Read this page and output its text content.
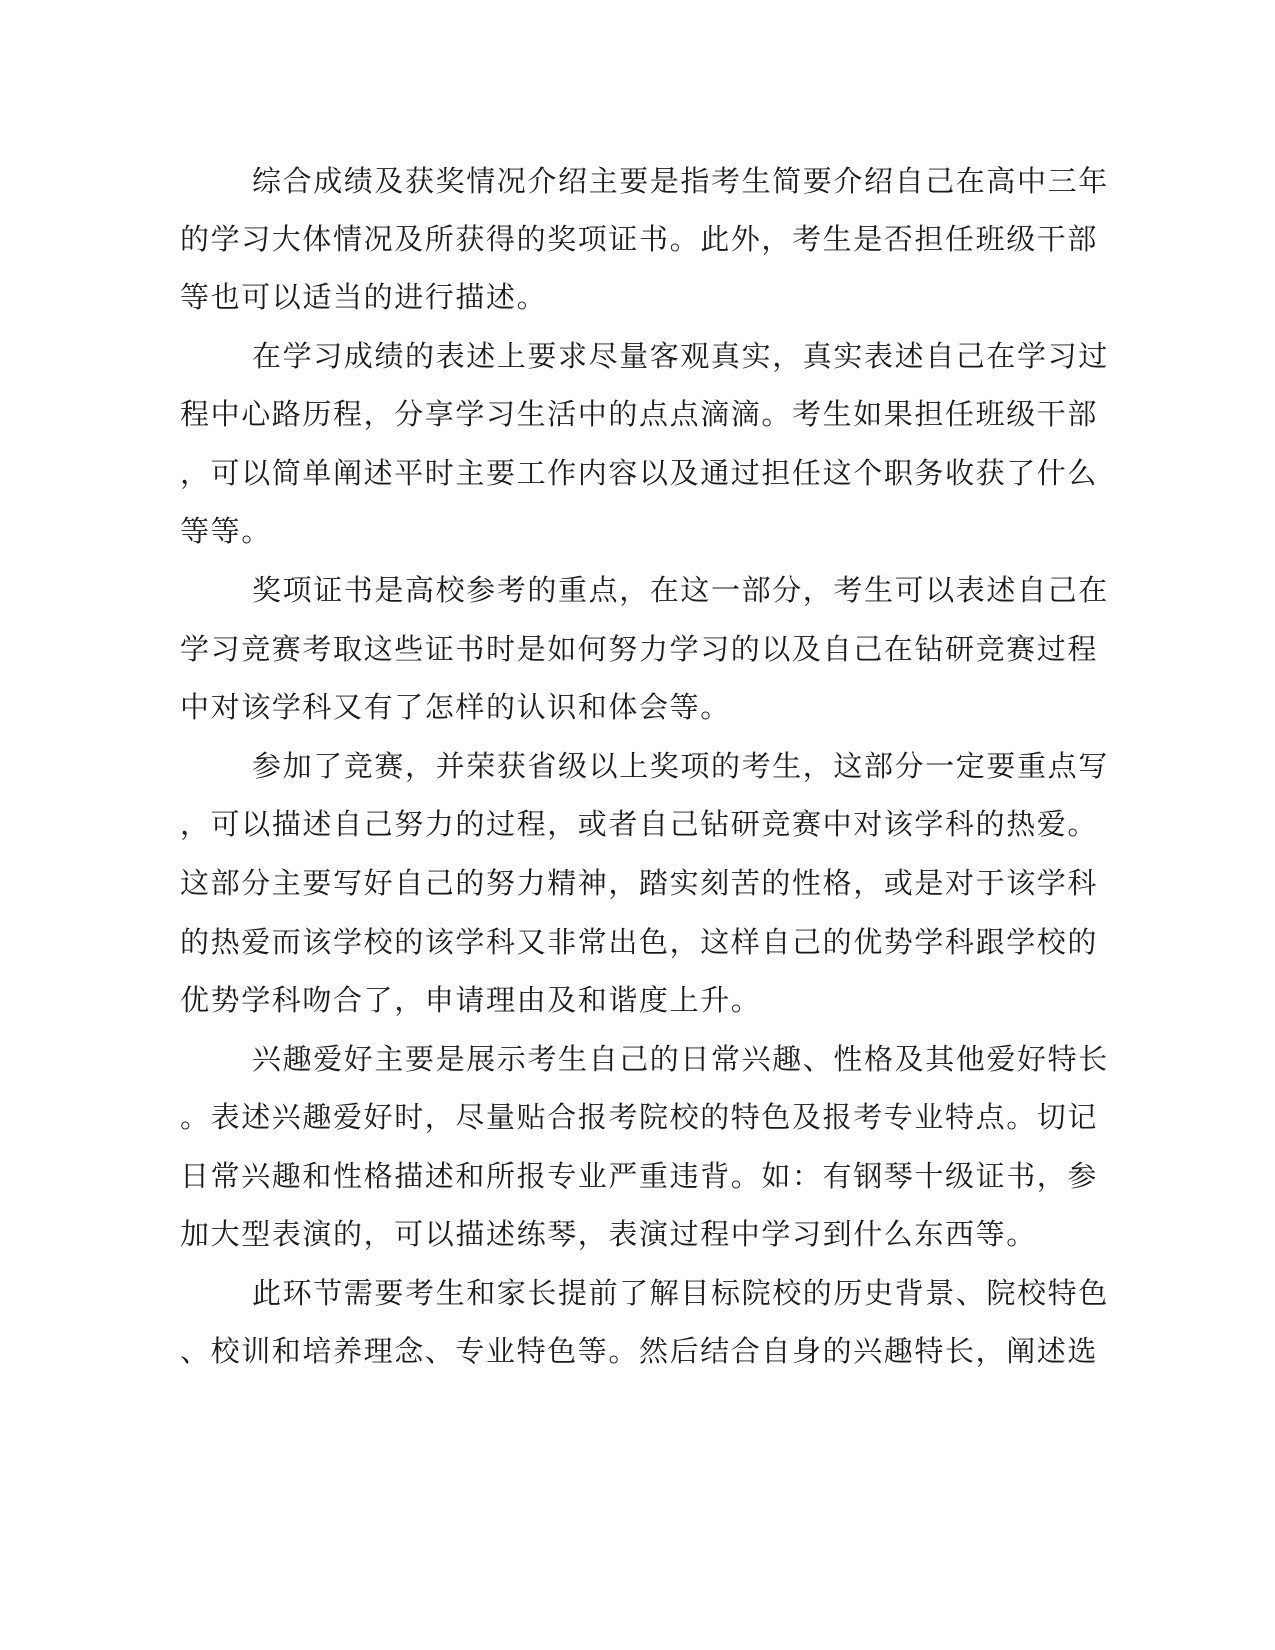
综合成绩及获奖情况介绍主要是指考生简要介绍自己在高中三年
的学习大体情况及所获得的奖项证书。此外，考生是否担任班级干部
等也可以适当的进行描述。
在学习成绩的表述上要求尽量客观真实，真实表述自己在学习过
程中心路历程，分享学习生活中的点点滴滴。考生如果担任班级干部
，可以简单阐述平时主要工作内容以及通过担任这个职务收获了什么
等等。
奖项证书是高校参考的重点，在这一部分，考生可以表述自己在
学习竞赛考取这些证书时是如何努力学习的以及自己在钻研竞赛过程
中对该学科又有了怎样的认识和体会等。
参加了竞赛，并荣获省级以上奖项的考生，这部分一定要重点写
，可以描述自己努力的过程，或者自己钻研竞赛中对该学科的热爱。
这部分主要写好自己的努力精神，踏实刻苦的性格，或是对于该学科
的热爱而该学校的该学科又非常出色，这样自己的优势学科跟学校的
优势学科吻合了，申请理由及和谐度上升。
兴趣爱好主要是展示考生自己的日常兴趣、性格及其他爱好特长
。表述兴趣爱好时，尽量贴合报考院校的特色及报考专业特点。切记
日常兴趣和性格描述和所报专业严重违背。如：有钢琴十级证书，参
加大型表演的，可以描述练琴，表演过程中学习到什么东西等。
此环节需要考生和家长提前了解目标院校的历史背景、院校特色
、校训和培养理念、专业特色等。然后结合自身的兴趣特长，阐述选
